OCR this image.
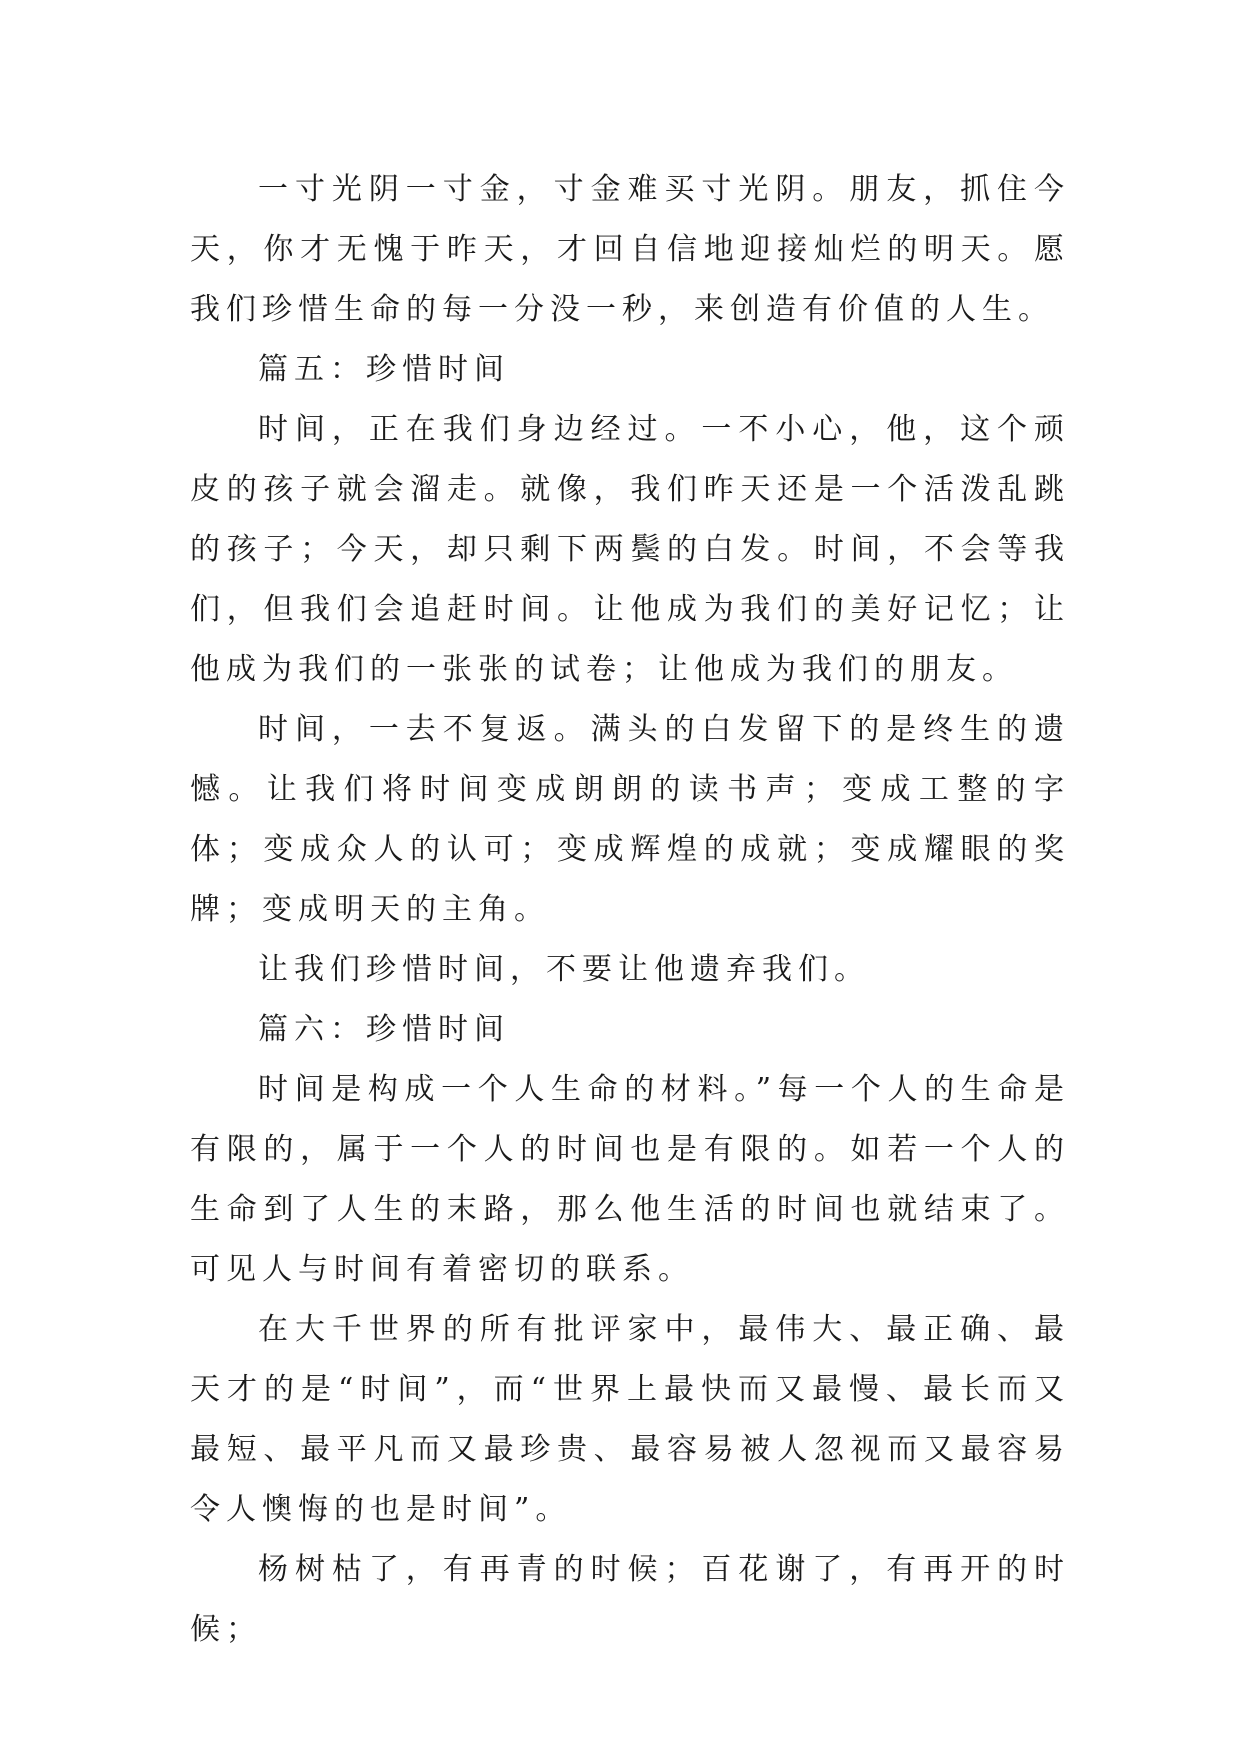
一寸光阴一寸金，寸金难买寸光阴。朋友，抓住今天，你才无愧于昨天，才回自信地迎接灿烂的明天。愿我们珍惜生命的每一分没一秒，来创造有价值的人生。

篇五：珍惜时间

时间，正在我们身边经过。一不小心，他，这个顽皮的孩子就会溜走。就像，我们昨天还是一个活泼乱跳的孩子；今天，却只剩下两鬓的白发。时间，不会等我们，但我们会追赶时间。让他成为我们的美好记忆；让他成为我们的一张张的试卷；让他成为我们的朋友。

时间，一去不复返。满头的白发留下的是终生的遗憾。让我们将时间变成朗朗的读书声；变成工整的字体；变成众人的认可；变成辉煌的成就；变成耀眼的奖牌；变成明天的主角。

让我们珍惜时间，不要让他遗弃我们。

篇六：珍惜时间

时间是构成一个人生命的材料。”每一个人的生命是有限的，属于一个人的时间也是有限的。如若一个人的生命到了人生的末路，那么他生活的时间也就结束了。可见人与时间有着密切的联系。

在大千世界的所有批评家中，最伟大、最正确、最天才的是“时间”，而“世界上最快而又最慢、最长而又最短、最平凡而又最珍贵、最容易被人忽视而又最容易令人懊悔的也是时间”。

杨树枯了，有再青的时候；百花谢了，有再开的时候；
